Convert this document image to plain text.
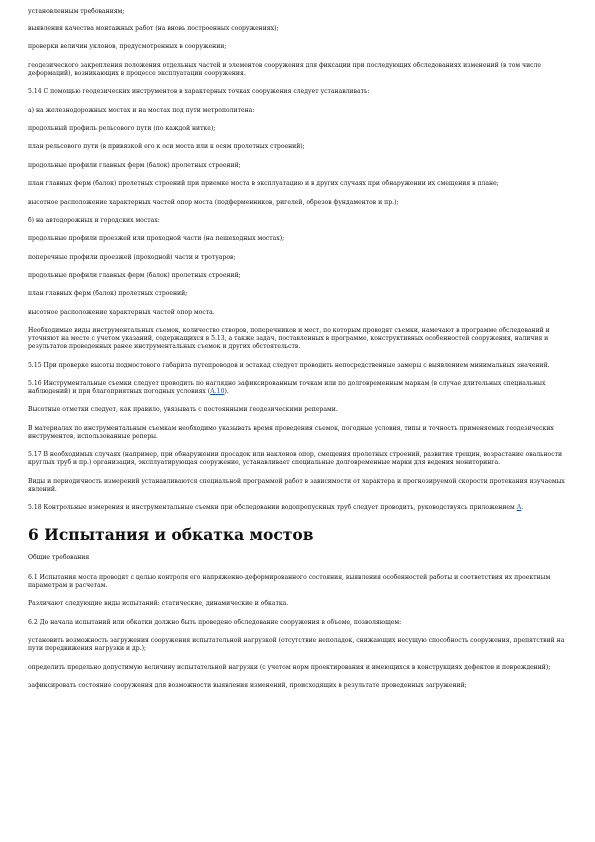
установленным требованиям;

выявления качества монтажных работ (на вновь построенных сооружениях);

проверки величин уклонов, предусмотренных в сооружении;

геодезического закрепления положения отдельных частей и элементов сооружения для фиксации при последующих обследованиях изменений (в том числе деформаций), возникающих в процессе эксплуатации сооружения.

5.14 С помощью геодезических инструментов в характерных точках сооружения следует устанавливать:

а) на железнодорожных мостах и на мостах под пути метрополитена:

продольный профиль рельсового пути (по каждой нитке);

план рельсового пути (в привязкой его к оси моста или к осям пролетных строений);

продольные профили главных ферм (балок) пролетных строений;

план главных ферм (балок) пролетных строений при приемке моста в эксплуатацию и в других случаях при обнаружении их смещения в плане;

высотное расположение характерных частей опор моста (подферменников, ригелей, обрезов фундаментов и пр.);

б) на автодорожных и городских мостах:

продольные профили проезжей или проходной части (на пешеходных мостах);

поперечные профили проезжей (проходной) части и тротуаров;

продольные профили главных ферм (балок) пролетных строений;

план главных ферм (балок) пролетных строений;

высотное расположение характерных частей опор моста.

Необходимые виды инструментальных съемок, количество створов, поперечников и мест, по которым проводят съемки, намечают в программе обследований и уточняют на месте с учетом указаний, содержащихся в 5.13, а также задач, поставленных в программе, конструктивных особенностей сооружения, наличия и результатов проведенных ранее инструментальных съемок и других обстоятельств.

5.15 При проверке высоты подмостового габарита путепроводов и эстакад следует проводить непосредственные замеры с выявлением минимальных значений.

5.16 Инструментальные съемки следует проводить по наглядно зафиксированным точкам или по долговременным маркам (в случае длительных специальных наблюдений) и при благоприятных погодных условиях (А.10).

Высотные отметки следует, как правило, увязывать с постоянными геодезическими реперами.

В материалах по инструментальным съемкам необходимо указывать время проведения съемок, погодные условия, типы и точность применяемых геодезических инструментов, использованные реперы.

5.17 В необходимых случаях (например, при обнаружении просадок или наклонов опор, смещения пролетных строений, развития трещин, возрастание овальности круглых труб и пр.) организация, эксплуатирующая сооружение, устанавливает специальные долговременные марки для ведения мониторинга.

Виды и периодичность измерений устанавливаются специальной программой работ в зависимости от характера и прогнозируемой скорости протекания изучаемых явлений.

5.18 Контрольные измерения и инструментальные съемки при обследовании водопропускных труб следует проводить, руководствуясь приложением А.

6 Испытания и обкатка мостов

Общие требования

6.1 Испытания моста проводят с целью контроля его напряженно-деформированного состояния, выявления особенностей работы и соответствия их проектным параметрам и расчетам.

Различают следующие виды испытаний: статические, динамические и обкатка.

6.2 До начала испытаний или обкатки должно быть проведено обследование сооружения в объеме, позволяющем:

установить возможность загружения сооружения испытательной нагрузкой (отсутствие неполадок, снижающих несущую способность сооружения, препятствий на пути передвижения нагрузки и др.);

определить предельно допустимую величину испытательной нагрузки (с учетом норм проектирования и имеющихся в конструкциях дефектов и повреждений);

зафиксировать состояние сооружения для возможности выявления изменений, происходящих в результате проведенных загружений;
